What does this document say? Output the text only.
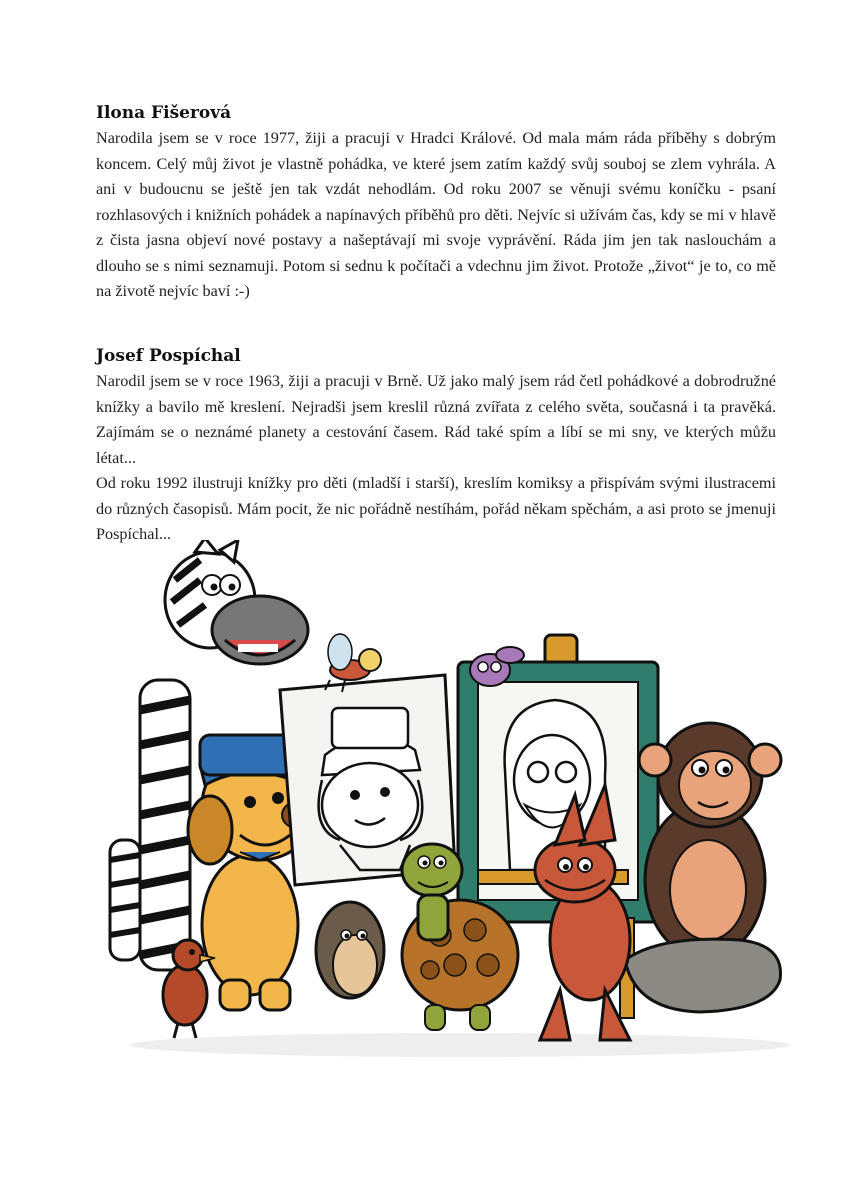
Ilona Fišerová

Narodila jsem se v roce 1977, žiji a pracuji v Hradci Králové. Od mala mám ráda příběhy s dobrým koncem. Celý můj život je vlastně pohádka, ve které jsem zatím každý svůj souboj se zlem vyhrála. A ani v budoucnu se ještě jen tak vzdát nehodlám. Od roku 2007 se věnuji svému koníčku - psaní rozhlasových i knižních pohádek a napínavých příběhů pro děti. Nejvíc si užívám čas, kdy se mi v hlavě z čista jasna objeví nové postavy a našeptávají mi svoje vyprávění. Ráda jim jen tak naslouchám a dlouho se s nimi seznamuji. Potom si sednu k počítači a vdechnu jim život. Protože „život“ je to, co mě na životě nejvíc baví :-)

Josef Pospíchal

Narodil jsem se v roce 1963, žiji a pracuji v Brně. Už jako malý jsem rád četl pohádkové a dobrodružné knížky a bavilo mě kreslení. Nejradši jsem kreslil různá zvířata z celého světa, současná i ta pravěká. Zajímám se o neznámé planety a cestování časem. Rád také spím a líbí se mi sny, ve kterých můžu létat...

Od roku 1992 ilustruji knížky pro děti (mladší i starší), kreslím komiksy a přispívám svými ilustracemi do různých časopisů. Mám pocit, že nic pořádně nestíhám, pořád někam spěchám, a asi proto se jmenuji Pospíchal...
